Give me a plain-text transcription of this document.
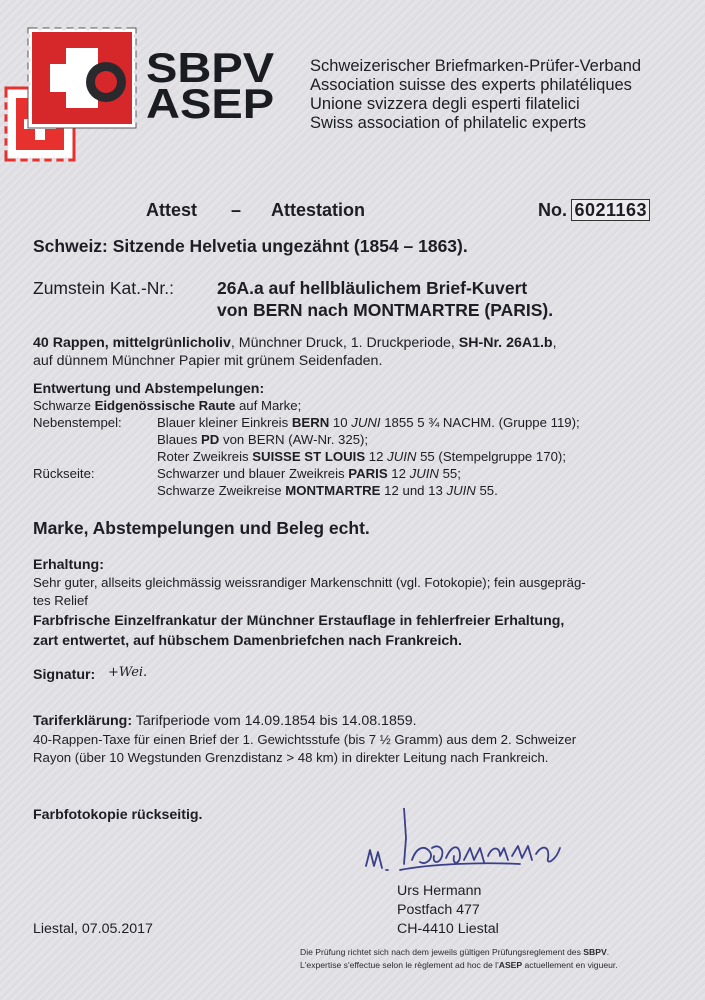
SBPV
ASEP
Schweizerischer Briefmarken-Prüfer-Verband
Association suisse des experts philatéliques
Unione svizzera degli esperti filatelici
Swiss association of philatelic experts
Attest – Attestation	No. 6021163
Schweiz: Sitzende Helvetia ungezähnt (1854 – 1863).
Zumstein Kat.-Nr.: 26A.a auf hellbläulichem Brief-Kuvert
von BERN nach MONTMARTRE (PARIS).
40 Rappen, mittelgrünlicholiv, Münchner Druck, 1. Druckperiode, SH-Nr. 26A1.b,
auf dünnem Münchner Papier mit grünem Seidenfaden.
Entwertung und Abstempelungen:
Schwarze Eidgenössische Raute auf Marke;
Nebenstempel:	Blauer kleiner Einkreis BERN 10 JUNI 1855 5 ¾ NACHM. (Gruppe 119);
Blaues PD von BERN (AW-Nr. 325);
Roter Zweikreis SUISSE ST LOUIS 12 JUIN 55 (Stempelgruppe 170);
Rückseite:	Schwarzer und blauer Zweikreis PARIS 12 JUIN 55;
Schwarze Zweikreise MONTMARTRE 12 und 13 JUIN 55.
Marke, Abstempelungen und Beleg echt.
Erhaltung:
Sehr guter, allseits gleichmässig weissrandiger Markenschnitt (vgl. Fotokopie); fein ausgepräg-
tes Relief
Farbfrische Einzelfrankatur der Münchner Erstauflage in fehlerfreier Erhaltung,
zart entwertet, auf hübschem Damenbriefchen nach Frankreich.
Signatur: +Wei.
Tariferklärung: Tarifperiode vom 14.09.1854 bis 14.08.1859.
40-Rappen-Taxe für einen Brief der 1. Gewichtsstufe (bis 7 ½ Gramm) aus dem 2. Schweizer
Rayon (über 10 Wegstunden Grenzdistanz > 48 km) in direkter Leitung nach Frankreich.
Farbfotokopie rückseitig.
Urs Hermann
Postfach 477
CH-4410 Liestal
Liestal, 07.05.2017
Die Prüfung richtet sich nach dem jeweils gültigen Prüfungsreglement des SBPV.
L'expertise s'effectue selon le règlement ad hoc de l'ASEP actuellement en vigueur.
